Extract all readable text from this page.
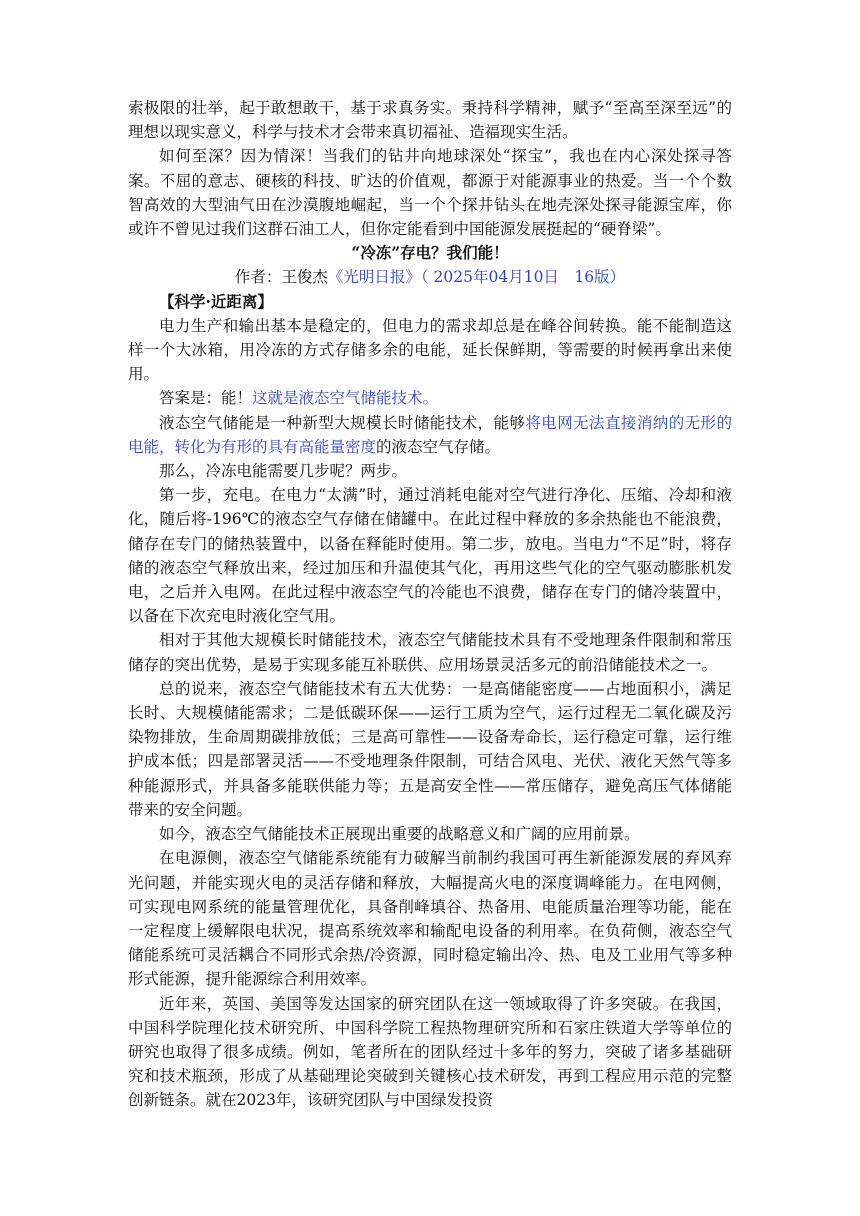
索极限的壮举，起于敢想敢干，基于求真务实。秉持科学精神，赋予“至高至深至远”的理想以现实意义，科学与技术才会带来真切福祉、造福现实生活。

如何至深？因为情深！当我们的钻井向地球深处“探宝”，我也在内心深处探寻答案。不屈的意志、硬核的科技、旷达的价值观，都源于对能源事业的热爱。当一个个数智高效的大型油气田在沙漠腹地崛起，当一个个探井钻头在地壳深处探寻能源宝库，你或许不曾见过我们这群石油工人，但你定能看到中国能源发展挺起的“硬脊梁”。

“冷冻”存电？我们能！

作者：王俊杰《光明日报》（ 2025年04月10日　16版）

【科学·近距离】

电力生产和输出基本是稳定的，但电力的需求却总是在峰谷间转换。能不能制造这样一个大冰箱，用冷冻的方式存储多余的电能，延长保鲜期，等需要的时候再拿出来使用。

答案是：能！这就是液态空气储能技术。

液态空气储能是一种新型大规模长时储能技术，能够将电网无法直接消纳的无形的电能，转化为有形的具有高能量密度的液态空气存储。

那么，冷冻电能需要几步呢？两步。

第一步，充电。在电力“太满”时，通过消耗电能对空气进行净化、压缩、冷却和液化，随后将-196℃的液态空气存储在储罐中。在此过程中释放的多余热能也不能浪费，储存在专门的储热装置中，以备在释能时使用。第二步，放电。当电力“不足”时，将存储的液态空气释放出来，经过加压和升温使其气化，再用这些气化的空气驱动膨胀机发电，之后并入电网。在此过程中液态空气的冷能也不浪费，储存在专门的储冷装置中，以备在下次充电时液化空气用。

相对于其他大规模长时储能技术，液态空气储能技术具有不受地理条件限制和常压储存的突出优势，是易于实现多能互补联供、应用场景灵活多元的前沿储能技术之一。

总的说来，液态空气储能技术有五大优势：一是高储能密度——占地面积小，满足长时、大规模储能需求；二是低碳环保——运行工质为空气，运行过程无二氧化碳及污染物排放，生命周期碳排放低；三是高可靠性——设备寿命长，运行稳定可靠，运行维护成本低；四是部署灵活——不受地理条件限制，可结合风电、光伏、液化天然气等多种能源形式，并具备多能联供能力等；五是高安全性——常压储存，避免高压气体储能带来的安全问题。

如今，液态空气储能技术正展现出重要的战略意义和广阔的应用前景。

在电源侧，液态空气储能系统能有力破解当前制约我国可再生新能源发展的弃风弃光问题，并能实现火电的灵活存储和释放，大幅提高火电的深度调峰能力。在电网侧，可实现电网系统的能量管理优化，具备削峰填谷、热备用、电能质量治理等功能，能在一定程度上缓解限电状况，提高系统效率和输配电设备的利用率。在负荷侧，液态空气储能系统可灵活耦合不同形式余热/冷资源，同时稳定输出冷、热、电及工业用气等多种形式能源，提升能源综合利用效率。

近年来，英国、美国等发达国家的研究团队在这一领域取得了许多突破。在我国，中国科学院理化技术研究所、中国科学院工程热物理研究所和石家庄铁道大学等单位的研究也取得了很多成绩。例如，笔者所在的团队经过十多年的努力，突破了诸多基础研究和技术瓶颈，形成了从基础理论突破到关键核心技术研发，再到工程应用示范的完整创新链条。就在2023年，该研究团队与中国绿发投资
